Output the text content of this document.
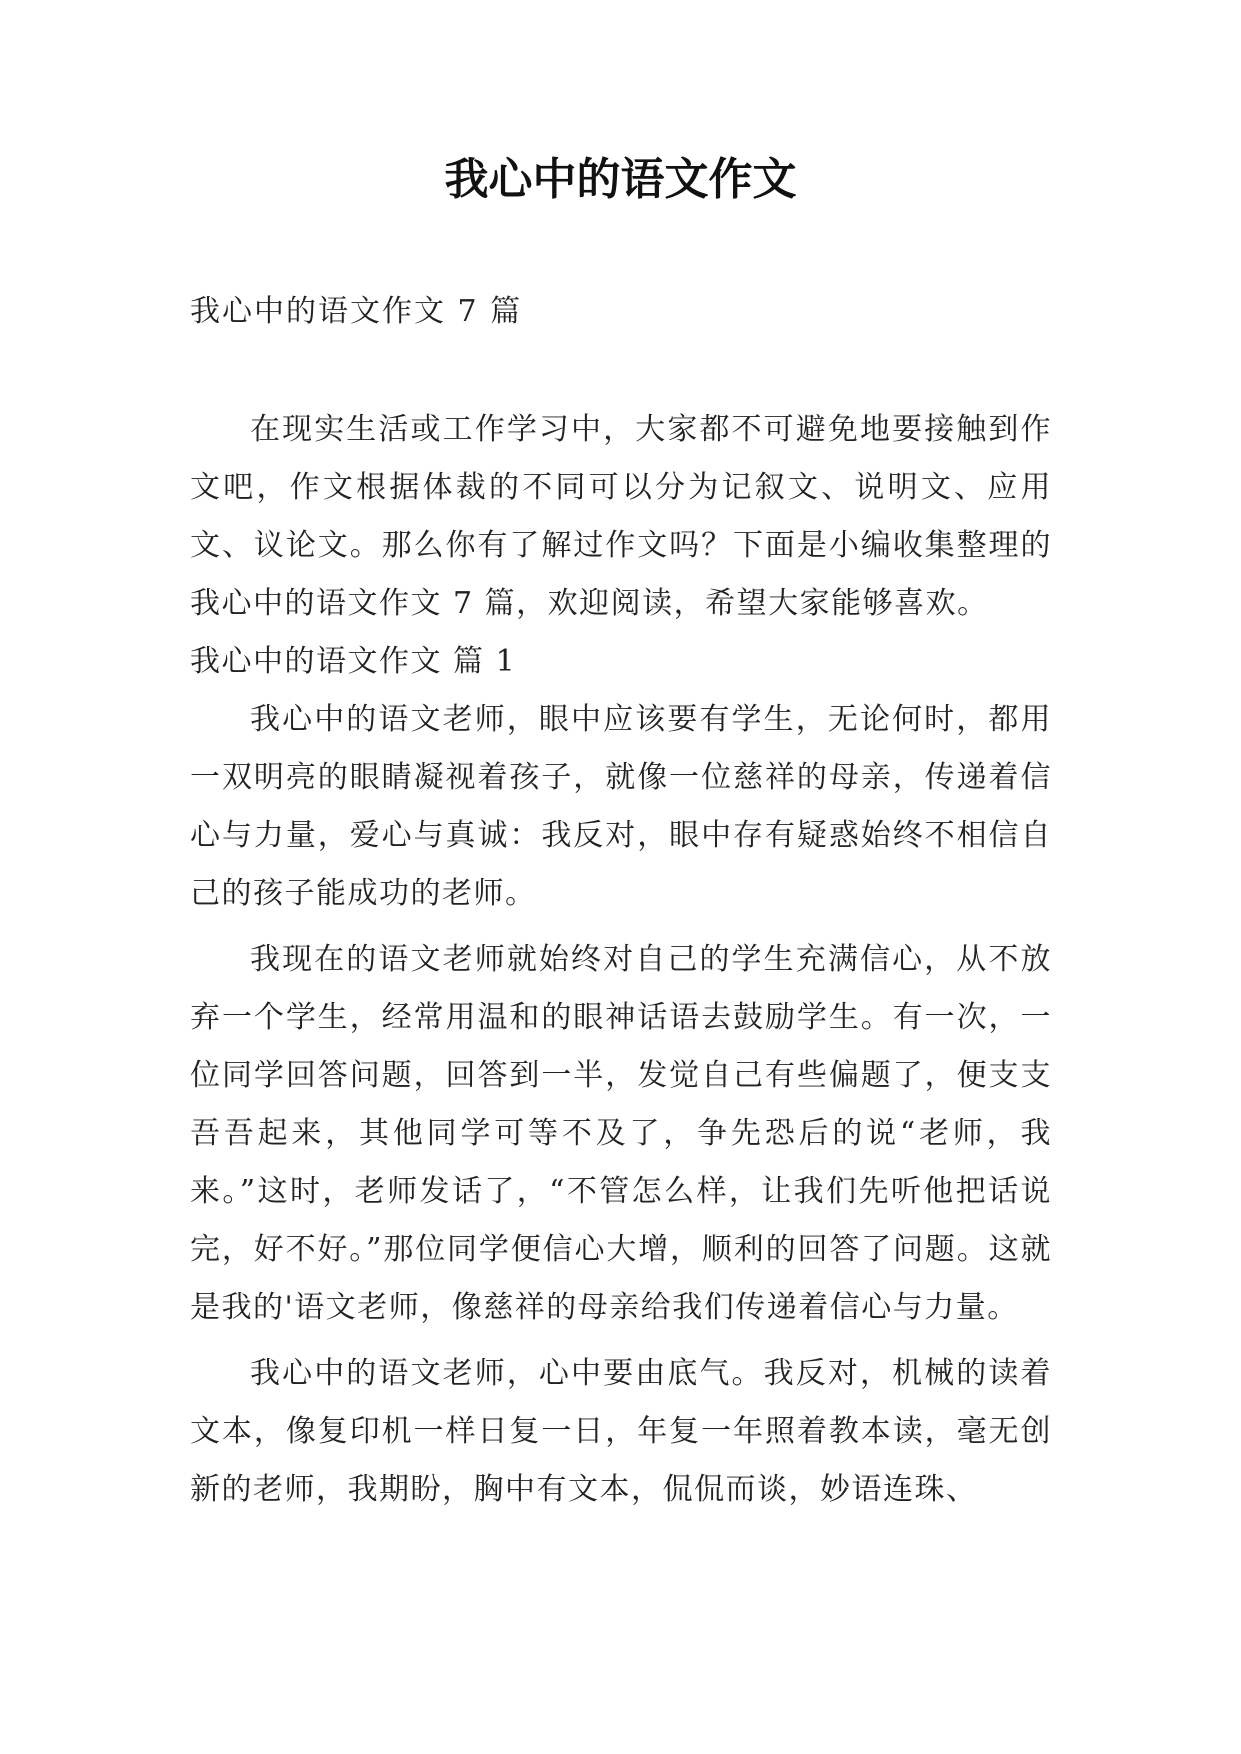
我心中的语文作文
我心中的语文作文 7 篇

在现实生活或工作学习中，大家都不可避免地要接触到作文吧，作文根据体裁的不同可以分为记叙文、说明文、应用文、议论文。那么你有了解过作文吗？下面是小编收集整理的我心中的语文作文 7 篇，欢迎阅读，希望大家能够喜欢。

我心中的语文作文 篇 1

我心中的语文老师，眼中应该要有学生，无论何时，都用一双明亮的眼睛凝视着孩子，就像一位慈祥的母亲，传递着信心与力量，爱心与真诚：我反对，眼中存有疑惑始终不相信自己的孩子能成功的老师。

我现在的语文老师就始终对自己的学生充满信心，从不放弃一个学生，经常用温和的眼神话语去鼓励学生。有一次，一位同学回答问题，回答到一半，发觉自己有些偏题了，便支支吾吾起来，其他同学可等不及了，争先恐后的说“老师，我来。”这时，老师发话了，“不管怎么样，让我们先听他把话说完，好不好。”那位同学便信心大增，顺利的回答了问题。这就是我的'语文老师，像慈祥的母亲给我们传递着信心与力量。

我心中的语文老师，心中要由底气。我反对，机械的读着文本，像复印机一样日复一日，年复一年照着教本读，毫无创新的老师，我期盼，胸中有文本，侃侃而谈，妙语连珠、
